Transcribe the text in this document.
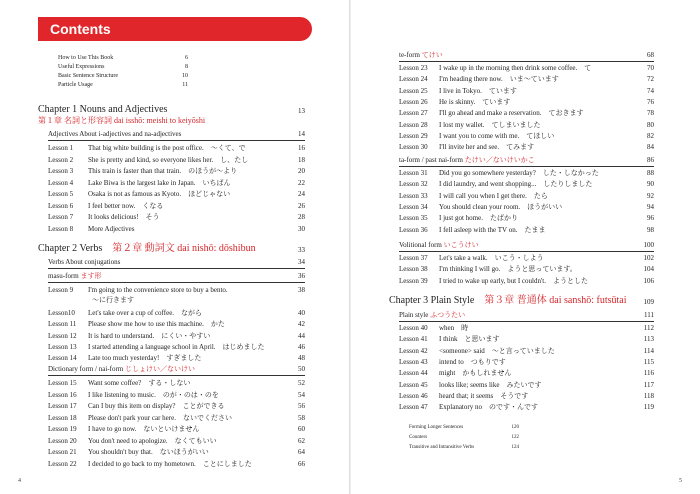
Contents
How to Use This Book	6
Useful Expressions	8
Basic Sentence Structure	10
Particle Usage	11
Chapter 1 Nouns and Adjectives	13
第１章 名詞と形容詞 dai isshō: meishi to keiyōshi
Adjectives About i-adjectives and na-adjectives	14
Lesson 1 That big white building is the post office.　～くて、で	16
Lesson 2 She is pretty and kind, so everyone likes her.　し、たし	18
Lesson 3 This train is faster than that train.　のほうが～より	20
Lesson 4 Lake Biwa is the largest lake in Japan.　いちばん	22
Lesson 5 Osaka is not as famous as Kyoto.　ほどじゃない	24
Lesson 6 I feel better now.　くなる	26
Lesson 7 It looks delicious!　そう	28
Lesson 8 More Adjectives	30
Chapter 2 Verbs　 第２章 動詞文 dai nishō: dōshibun	33
Verbs About conjugations	34
masu-form ます形	36
Lesson 9 I'm going to the convenience store to buy a bento.	38
～に行きます
Lesson10 Let's take over a cup of coffee.　ながら	40
Lesson 11 Please show me how to use this machine.　かた	42
Lesson 12 It is hard to understand.　にくい・やすい	44
Lesson 13 I started attending a language school in April.　はじめました	46
Lesson 14 Late too much yesterday!　すぎました	48
Dictionary form / nai-form じしょけい／ないけい	50
Lesson 15 Want some coffee?　する・しない	52
Lesson 16 I like listening to music.　のが・のは・のを	54
Lesson 17 Can I buy this item on display?　ことができる	56
Lesson 18 Please don't park your car here.　ないでください	58
Lesson 19 I have to go now.　ないといけません	60
Lesson 20 You don't need to apologize.　なくてもいい	62
Lesson 21 You shouldn't buy that.　ないほうがいい	64
Lesson 22 I decided to go back to my hometown.　ことにしました	66
4
te-form てけい	68
Lesson 23 I wake up in the morning then drink some coffee.　て	70
Lesson 24 I'm heading there now.　いま～ています	72
Lesson 25 I live in Tokyo.　ています	74
Lesson 26 He is skinny.　ています	76
Lesson 27 I'll go ahead and make a reservation.　ておきます	78
Lesson 28 I lost my wallet.　てしまいました	80
Lesson 29 I want you to come with me.　てほしい	82
Lesson 30 I'll invite her and see.　てみます	84
ta-form / past nai-form たけい／ないけいかこ	86
Lesson 31 Did you go somewhere yesterday?　した・しなかった	88
Lesson 32 I did laundry, and went shopping...　したりしました	90
Lesson 33 I will call you when I get there.　たら	92
Lesson 34 You should clean your room.　ほうがいい	94
Lesson 35 I just got home.　たばかり	96
Lesson 36 I fell asleep with the TV on.　たまま	98
Volitional form いこうけい	100
Lesson 37 Let's take a walk.　いこう・しよう	102
Lesson 38 I'm thinking I will go.　ようと思っています。	104
Lesson 39 I tried to wake up early, but I couldn't.　ようとした	106
Chapter 3 Plain Style　 第３章 普通体 dai sanshō: futsūtai 109
Plain style ふつうたい	111
Lesson 40 when　時	112
Lesson 41 I think　と思います	113
Lesson 42 <someone> said　～と言っていました	114
Lesson 43 intend to　つもりです	115
Lesson 44 might　かもしれません	116
Lesson 45 looks like; seems like　みたいです	117
Lesson 46 heard that; it seems　そうです	118
Lesson 47 Explanatory no　のです・んです	119
Forming Longer Sentences	120
Counters	122
Transitive and Intransitive Verbs	124
5
